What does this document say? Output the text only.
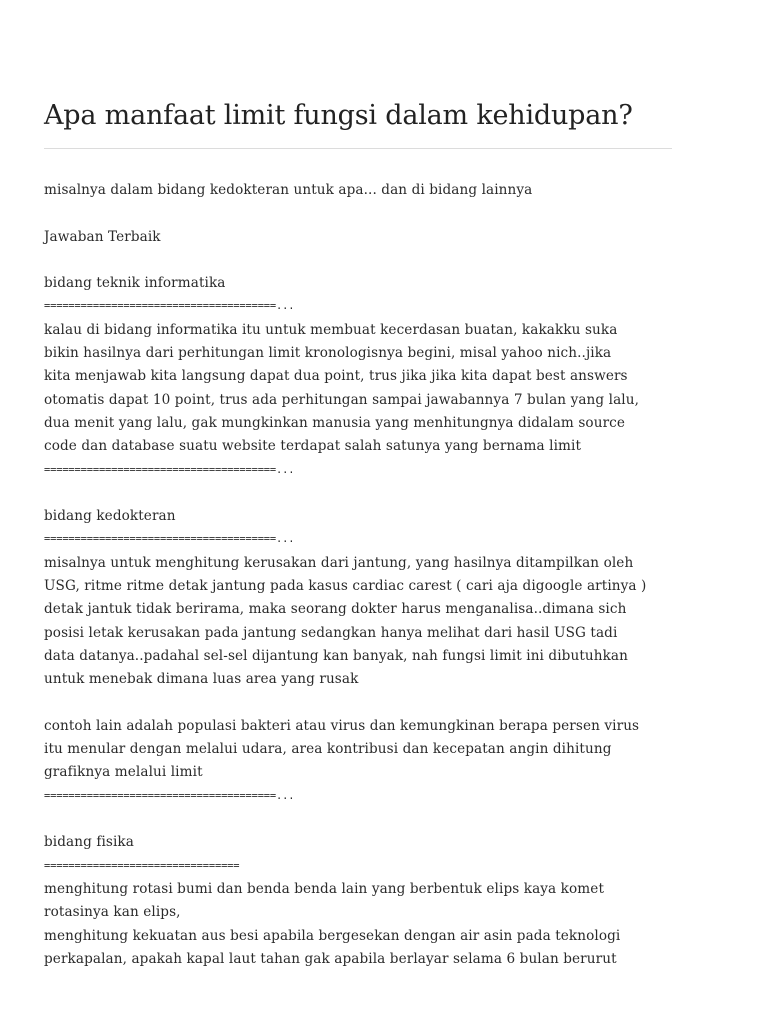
Apa manfaat limit fungsi dalam kehidupan?
misalnya dalam bidang kedokteran untuk apa... dan di bidang lainnya
Jawaban Terbaik
bidang teknik informatika
======================================...
kalau di bidang informatika itu untuk membuat kecerdasan buatan, kakakku suka
bikin hasilnya dari perhitungan limit kronologisnya begini, misal yahoo nich..jika
kita menjawab kita langsung dapat dua point, trus jika jika kita dapat best answers
otomatis dapat 10 point, trus ada perhitungan sampai jawabannya 7 bulan yang lalu,
dua menit yang lalu, gak mungkinkan manusia yang menhitungnya didalam source
code dan database suatu website terdapat salah satunya yang bernama limit
======================================...
bidang kedokteran
======================================...
misalnya untuk menghitung kerusakan dari jantung, yang hasilnya ditampilkan oleh
USG, ritme ritme detak jantung pada kasus cardiac carest ( cari aja digoogle artinya )
detak jantuk tidak berirama, maka seorang dokter harus menganalisa..dimana sich
posisi letak kerusakan pada jantung sedangkan hanya melihat dari hasil USG tadi
data datanya..padahal sel-sel dijantung kan banyak, nah fungsi limit ini dibutuhkan
untuk menebak dimana luas area yang rusak
contoh lain adalah populasi bakteri atau virus dan kemungkinan berapa persen virus
itu menular dengan melalui udara, area kontribusi dan kecepatan angin dihitung
grafiknya melalui limit
======================================...
bidang fisika
================================
menghitung rotasi bumi dan benda benda lain yang berbentuk elips kaya komet
rotasinya kan elips,
menghitung kekuatan aus besi apabila bergesekan dengan air asin pada teknologi
perkapalan, apakah kapal laut tahan gak apabila berlayar selama 6 bulan berurut
